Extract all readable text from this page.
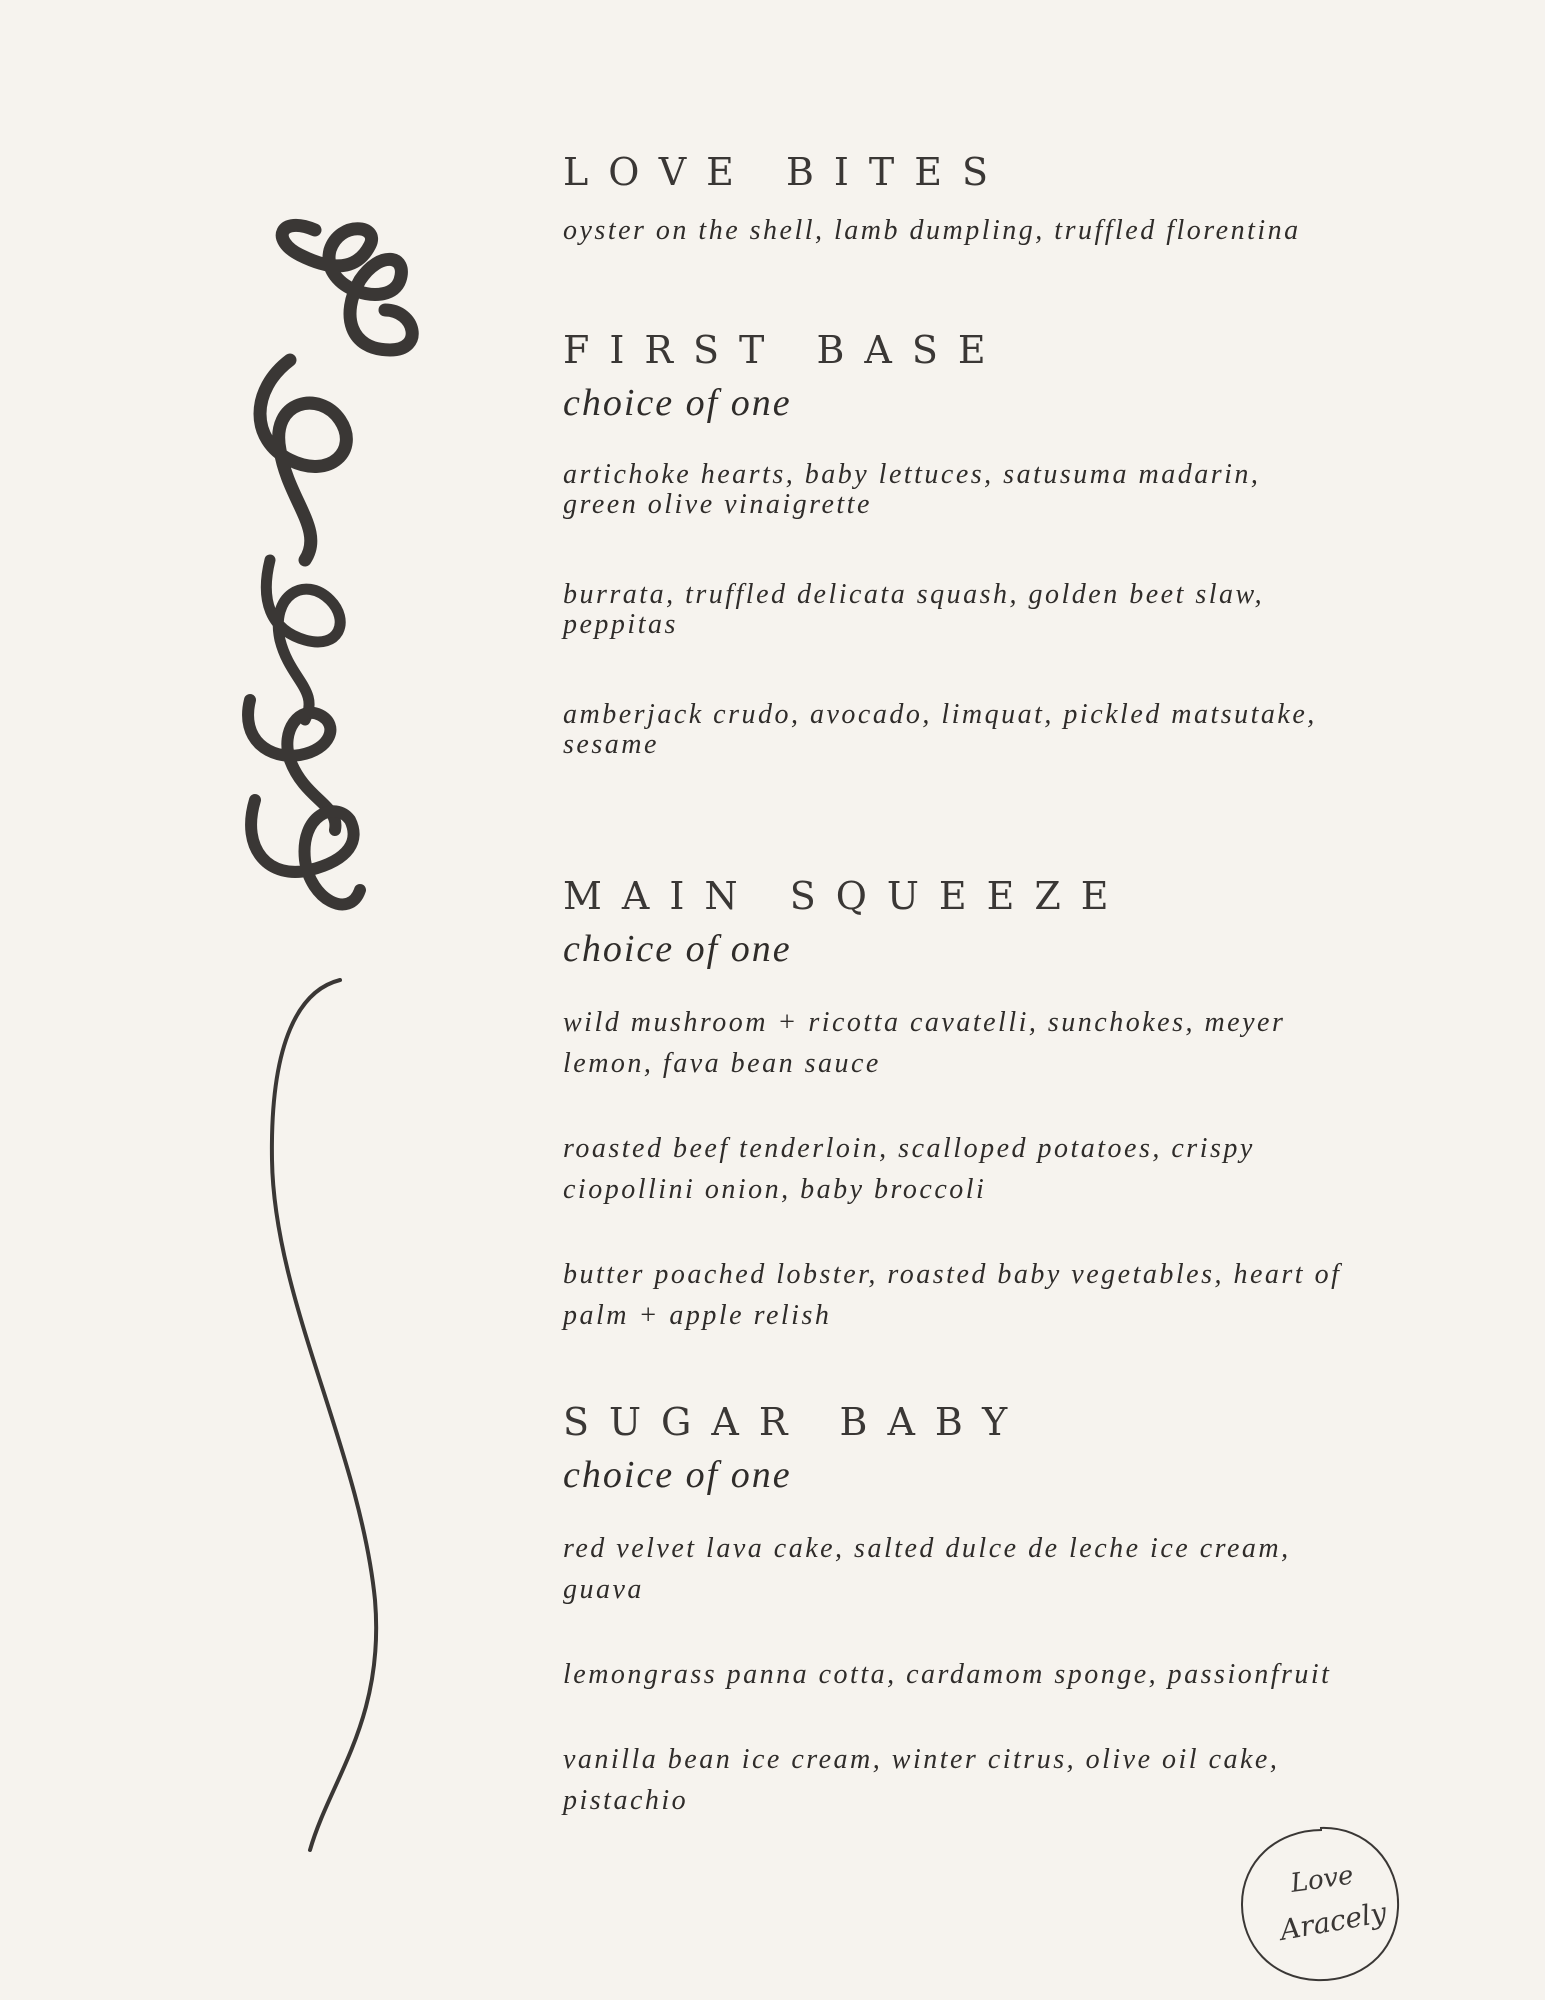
LOVE BITES

oyster on the shell, lamb dumpling, truffled florentina

FIRST BASE

choice of one

artichoke hearts, baby lettuces, satusuma madarin, green olive vinaigrette

burrata, truffled delicata squash, golden beet slaw, peppitas

amberjack crudo, avocado, limquat, pickled matsutake, sesame

MAIN SQUEEZE

choice of one

wild mushroom + ricotta cavatelli, sunchokes, meyer lemon, fava bean sauce

roasted beef tenderloin, scalloped potatoes, crispy ciopollini onion, baby broccoli

butter poached lobster, roasted baby vegetables, heart of palm + apple relish

SUGAR BABY

choice of one

red velvet lava cake, salted dulce de leche ice cream, guava

lemongrass panna cotta, cardamom sponge, passionfruit

vanilla bean ice cream, winter citrus, olive oil cake, pistachio

Love
Aracely
